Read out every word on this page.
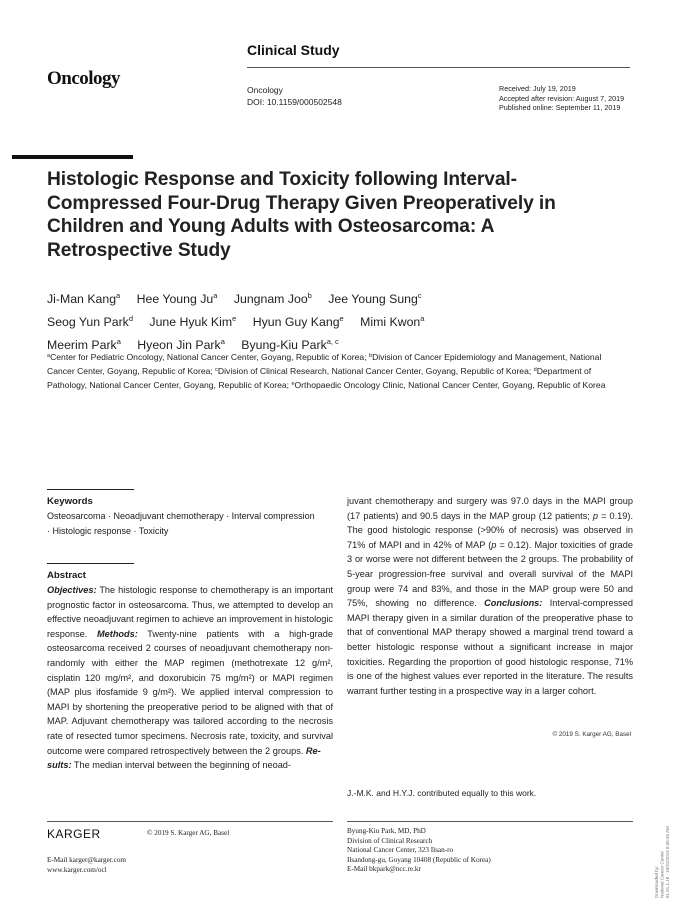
Clinical Study
Oncology
Oncology
DOI: 10.1159/000502548
Received: July 19, 2019
Accepted after revision: August 7, 2019
Published online: September 11, 2019
Histologic Response and Toxicity following Interval-Compressed Four-Drug Therapy Given Preoperatively in Children and Young Adults with Osteosarcoma: A Retrospective Study
Ji-Man Kang$^a$ Hee Young Ju$^a$ Jungnam Joo$^b$ Jee Young Sung$^c$
Seog Yun Park$^d$ June Hyuk Kim$^e$ Hyun Guy Kang$^e$ Mimi Kwon$^a$
Meerim Park$^a$ Hyeon Jin Park$^a$ Byung-Kiu Park$^{a, c}$
$^a$Center for Pediatric Oncology, National Cancer Center, Goyang, Republic of Korea; $^b$Division of Cancer Epidemiology and Management, National Cancer Center, Goyang, Republic of Korea; $^c$Division of Clinical Research, National Cancer Center, Goyang, Republic of Korea; $^d$Department of Pathology, National Cancer Center, Goyang, Republic of Korea; $^e$Orthopaedic Oncology Clinic, National Cancer Center, Goyang, Republic of Korea
Keywords
Osteosarcoma · Neoadjuvant chemotherapy · Interval compression · Histologic response · Toxicity
Abstract
Objectives: The histologic response to chemotherapy is an important prognostic factor in osteosarcoma. Thus, we attempted to develop an effective neoadjuvant regimen to achieve an improvement in histologic response. Methods: Twenty-nine patients with a high-grade osteosarcoma received 2 courses of neoadjuvant chemotherapy non-randomly with either the MAP regimen (methotrexate 12 g/m², cisplatin 120 mg/m², and doxorubicin 75 mg/m²) or MAPI regimen (MAP plus ifosfamide 9 g/m²). We applied interval compression to MAPI by shortening the preoperative period to be aligned with that of MAP. Adjuvant chemotherapy was tailored according to the necrosis rate of resected tumor specimens. Necrosis rate, toxicity, and survival outcome were compared retrospectively between the 2 groups. Re-
sults: The median interval between the beginning of neoad-
juvant chemotherapy and surgery was 97.0 days in the MAPI group (17 patients) and 90.5 days in the MAP group (12 patients; p = 0.19). The good histologic response (>90% of necrosis) was observed in 71% of MAPI and in 42% of MAP (p = 0.12). Major toxicities of grade 3 or worse were not different between the 2 groups. The probability of 5-year progression-free survival and overall survival of the MAPI group were 74 and 83%, and those in the MAP group were 50 and 75%, showing no difference. Conclusions: Interval-compressed MAPI therapy given in a similar duration of the preoperative phase to that of conventional MAP therapy showed a marginal trend toward a better histologic response without a significant increase in major toxicities. Regarding the proportion of good histologic response, 71% is one of the highest values ever reported in the literature. The results warrant further testing in a prospective way in a larger cohort.
© 2019 S. Karger AG, Basel
J.-M.K. and H.Y.J. contributed equally to this work.
KARGER	© 2019 S. Karger AG, Basel
E-Mail karger@karger.com
www.karger.com/ocl
Byung-Kiu Park, MD, PhD
Division of Clinical Research
National Cancer Center, 323 Ilsan-ro
Ilsandong-gu, Goyang 10408 (Republic of Korea)
E-Mail bkpark@ncc.re.kr	Downloaded by: National Cancer Center 61.81.1.16 - 10/22/2019 6:36:45 AM
